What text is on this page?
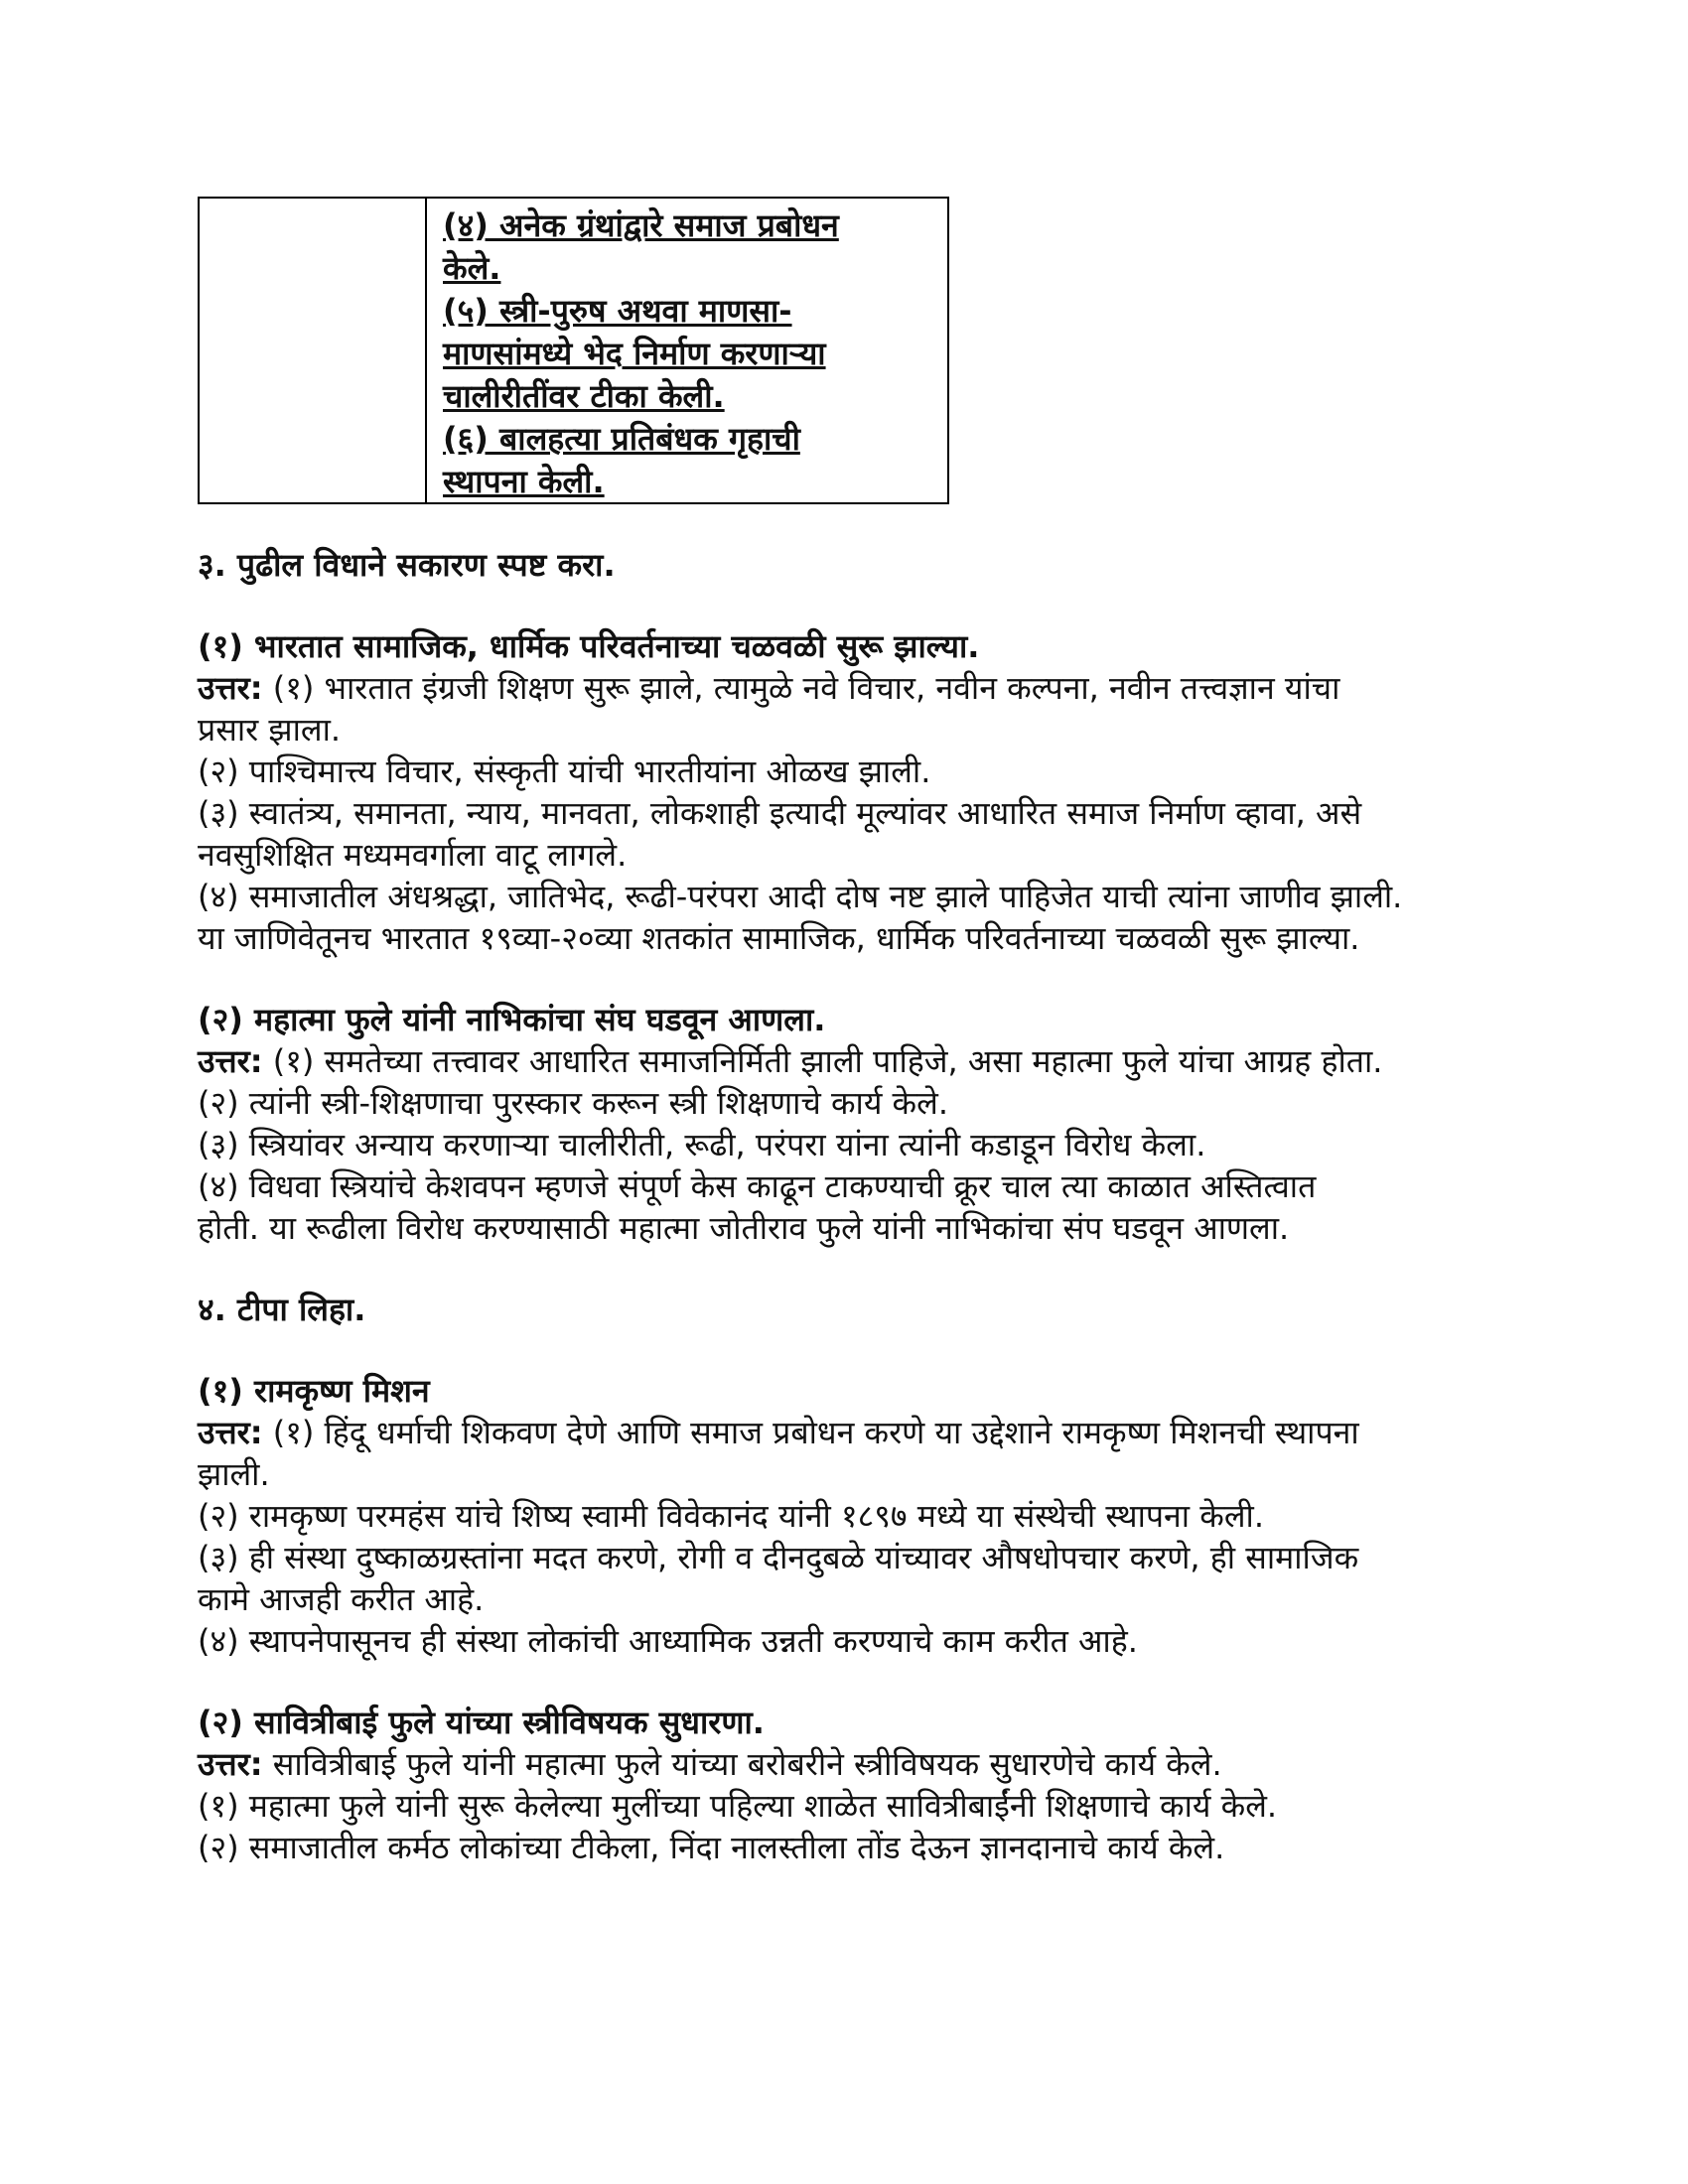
(४) अनेक ग्रंथांद्वारे समाज प्रबोधन
केले.
(५) स्त्री-पुरुष अथवा माणसा-
माणसांमध्ये भेद निर्माण करणाऱ्या
चालीरीतींवर टीका केली.
(६) बालहत्या प्रतिबंधक गृहाची
स्थापना केली.

३. पुढील विधाने सकारण स्पष्ट करा.

(१) भारतात सामाजिक, धार्मिक परिवर्तनाच्या चळवळी सुरू झाल्या.

उत्तर: (१) भारतात इंग्रजी शिक्षण सुरू झाले, त्यामुळे नवे विचार, नवीन कल्पना, नवीन तत्त्वज्ञान यांचा

प्रसार झाला.

(२) पाश्चिमात्त्य विचार, संस्कृती यांची भारतीयांना ओळख झाली.

(३) स्वातंत्र्य, समानता, न्याय, मानवता, लोकशाही इत्यादी मूल्यांवर आधारित समाज निर्माण व्हावा, असे

नवसुशिक्षित मध्यमवर्गाला वाटू लागले.

(४) समाजातील अंधश्रद्धा, जातिभेद, रूढी-परंपरा आदी दोष नष्ट झाले पाहिजेत याची त्यांना जाणीव झाली.

या जाणिवेतूनच भारतात १९व्या-२०व्या शतकांत सामाजिक, धार्मिक परिवर्तनाच्या चळवळी सुरू झाल्या.

(२) महात्मा फुले यांनी नाभिकांचा संघ घडवून आणला.

उत्तर: (१) समतेच्या तत्त्वावर आधारित समाजनिर्मिती झाली पाहिजे, असा महात्मा फुले यांचा आग्रह होता.

(२) त्यांनी स्त्री-शिक्षणाचा पुरस्कार करून स्त्री शिक्षणाचे कार्य केले.

(३) स्त्रियांवर अन्याय करणाऱ्या चालीरीती, रूढी, परंपरा यांना त्यांनी कडाडून विरोध केला.

(४) विधवा स्त्रियांचे केशवपन म्हणजे संपूर्ण केस काढून टाकण्याची क्रूर चाल त्या काळात अस्तित्वात

होती. या रूढीला विरोध करण्यासाठी महात्मा जोतीराव फुले यांनी नाभिकांचा संप घडवून आणला.

४. टीपा लिहा.

(१) रामकृष्ण मिशन

उत्तर: (१) हिंदू धर्माची शिकवण देणे आणि समाज प्रबोधन करणे या उद्देशाने रामकृष्ण मिशनची स्थापना

झाली.

(२) रामकृष्ण परमहंस यांचे शिष्य स्वामी विवेकानंद यांनी १८९७ मध्ये या संस्थेची स्थापना केली.

(३) ही संस्था दुष्काळग्रस्तांना मदत करणे, रोगी व दीनदुबळे यांच्यावर औषधोपचार करणे, ही सामाजिक

कामे आजही करीत आहे.

(४) स्थापनेपासूनच ही संस्था लोकांची आध्यामिक उन्नती करण्याचे काम करीत आहे.

(२) सावित्रीबाई फुले यांच्या स्त्रीविषयक सुधारणा.

उत्तर: सावित्रीबाई फुले यांनी महात्मा फुले यांच्या बरोबरीने स्त्रीविषयक सुधारणेचे कार्य केले.

(१) महात्मा फुले यांनी सुरू केलेल्या मुलींच्या पहिल्या शाळेत सावित्रीबाईंनी शिक्षणाचे कार्य केले.

(२) समाजातील कर्मठ लोकांच्या टीकेला, निंदा नालस्तीला तोंड देऊन ज्ञानदानाचे कार्य केले.
